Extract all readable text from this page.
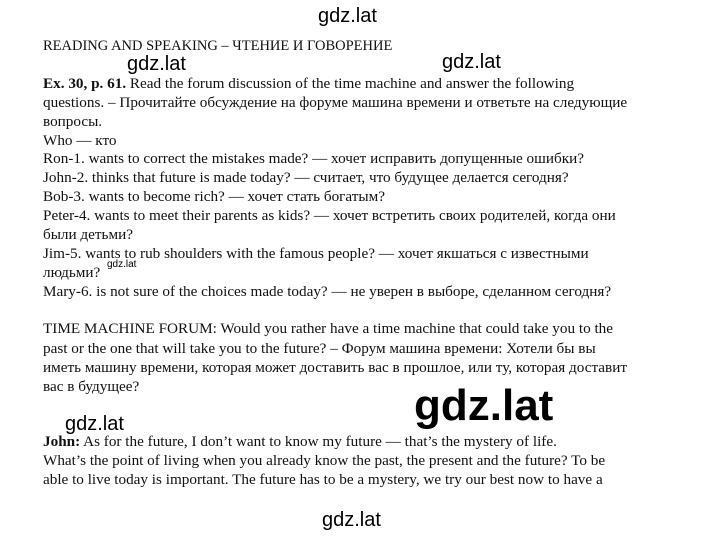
READING AND SPEAKING – ЧТЕНИЕ И ГОВОРЕНИЕ
Ex. 30, p. 61. Read the forum discussion of the time machine and answer the following
questions. – Прочитайте обсуждение на форуме машина времени и ответьте на следующие
вопросы.
Who — кто
Ron-1. wants to correct the mistakes made? — хочет исправить допущенные ошибки?
John-2. thinks that future is made today? — считает, что будущее делается сегодня?
Bob-3. wants to become rich? — хочет стать богатым?
Peter-4. wants to meet their parents as kids? — хочет встретить своих родителей, когда они
были детьми?
Jim-5. wants to rub shoulders with the famous people? — хочет якшаться с известными
людьми?
Mary-6. is not sure of the choices made today? — не уверен в выборе, сделанном сегодня?
TIME MACHINE FORUM: Would you rather have a time machine that could take you to the
past or the one that will take you to the future? – Форум машина времени: Хотели бы вы
иметь машину времени, которая может доставить вас в прошлое, или ту, которая доставит
вас в будущее?
John: As for the future, I don’t want to know my future — that’s the mystery of life.
What’s the point of living when you already know the past, the present and the future? To be
able to live today is important. The future has to be a mystery, we try our best now to have a
gdz.lat
gdz.lat	gdz.lat
gdz.lat
gdz.lat	gdz.lat
gdz.lat
